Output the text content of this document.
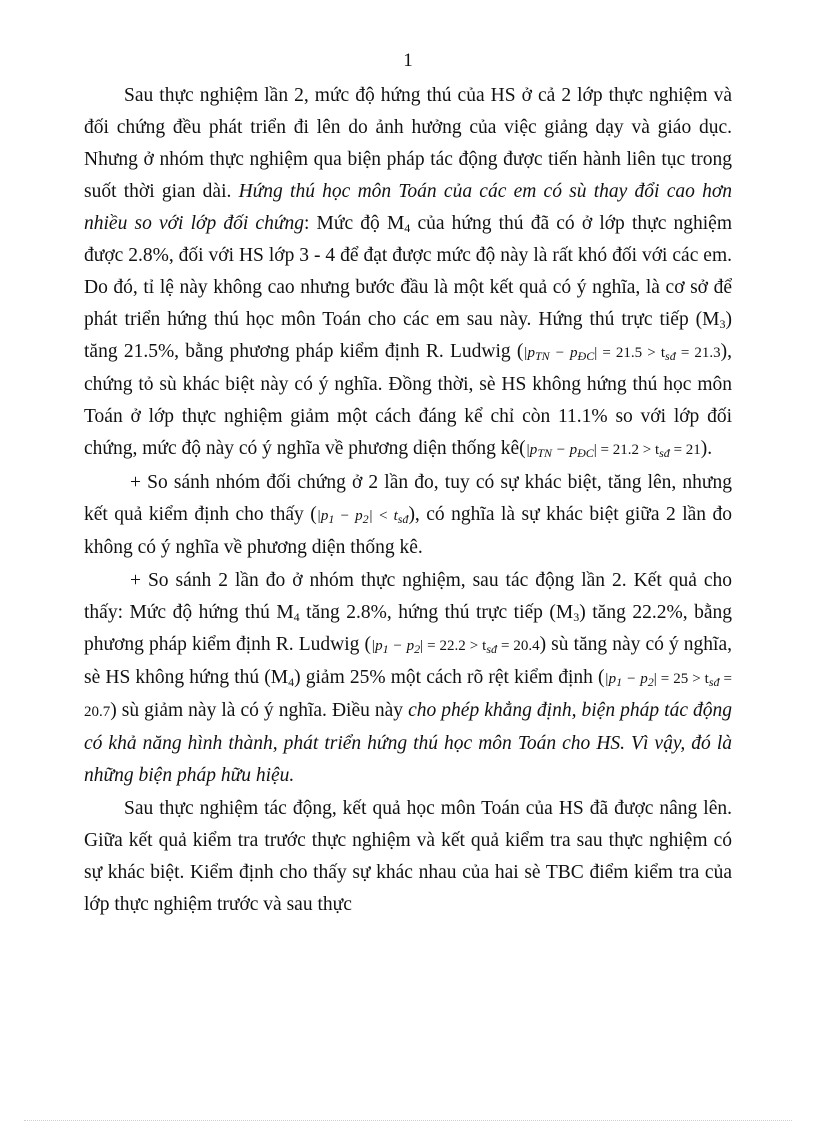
1

Sau thực nghiệm lần 2, mức độ hứng thú của HS ở cả 2 lớp thực nghiệm và đối chứng đều phát triển đi lên do ảnh hưởng của việc giảng dạy và giáo dục. Nhưng ở nhóm thực nghiệm qua biện pháp tác động được tiến hành liên tục trong suốt thời gian dài. Hứng thú học môn Toán của các em có sù thay đổi cao hơn nhiều so với lớp đối chứng: Mức độ $M_4$ của hứng thú đã có ở lớp thực nghiệm được 2.8%, đối với HS lớp 3 - 4 để đạt được mức độ này là rất khó đối với các em. Do đó, tỉ lệ này không cao nhưng bước đầu là một kết quả có ý nghĩa, là cơ sở để phát triển hứng thú học môn Toán cho các em sau này. Hứng thú trực tiếp $(M_3)$ tăng 21.5%, bằng phương pháp kiểm định R. Ludwig $(|p_{TN} - p_{ĐC}| = 21.5 > t_{sđ} = 21.3)$, chứng tỏ sù khác biệt này có ý nghĩa. Đồng thời, sè HS không hứng thú học môn Toán ở lớp thực nghiệm giảm một cách đáng kể chỉ còn 11.1% so với lớp đối chứng, mức độ này có ý nghĩa về phương diện thống $kê(|p_{TN} - p_{ĐC}| = 21.2 > t_{sđ} = 21)$.

+ So sánh nhóm đối chứng ở 2 lần đo, tuy có sự khác biệt, tăng lên, nhưng kết quả kiểm định cho thấy $(|p_1 - p_2| < t_{sđ})$, có nghĩa là sự khác biệt giữa 2 lần đo không có ý nghĩa về phương diện thống kê.

+ So sánh 2 lần đo ở nhóm thực nghiệm, sau tác động lần 2. Kết quả cho thấy: Mức độ hứng thú $M_4$ tăng 2.8%, hứng thú trực tiếp $(M_3)$ tăng 22.2%, bằng phương pháp kiểm định R. Ludwig $(|p_1 - p_2| = 22.2 > t_{sđ} = 20.4)$ sù tăng này có ý nghĩa, sè HS không hứng thú $(M_4)$ giảm 25% một cách rõ rệt kiểm định $(|p_1 - p_2| = 25 > t_{sđ} = 20.7)$ sù giảm này là có ý nghĩa. Điều này cho phép khẳng định, biện pháp tác động có khả năng hình thành, phát triển hứng thú học môn Toán cho HS. Vì vậy, đó là những biện pháp hữu hiệu.

Sau thực nghiệm tác động, kết quả học môn Toán của HS đã được nâng lên. Giữa kết quả kiểm tra trước thực nghiệm và kết quả kiểm tra sau thực nghiệm có sự khác biệt. Kiểm định cho thấy sự khác nhau của hai sè TBC điểm kiểm tra của lớp thực nghiệm trước và sau thực
